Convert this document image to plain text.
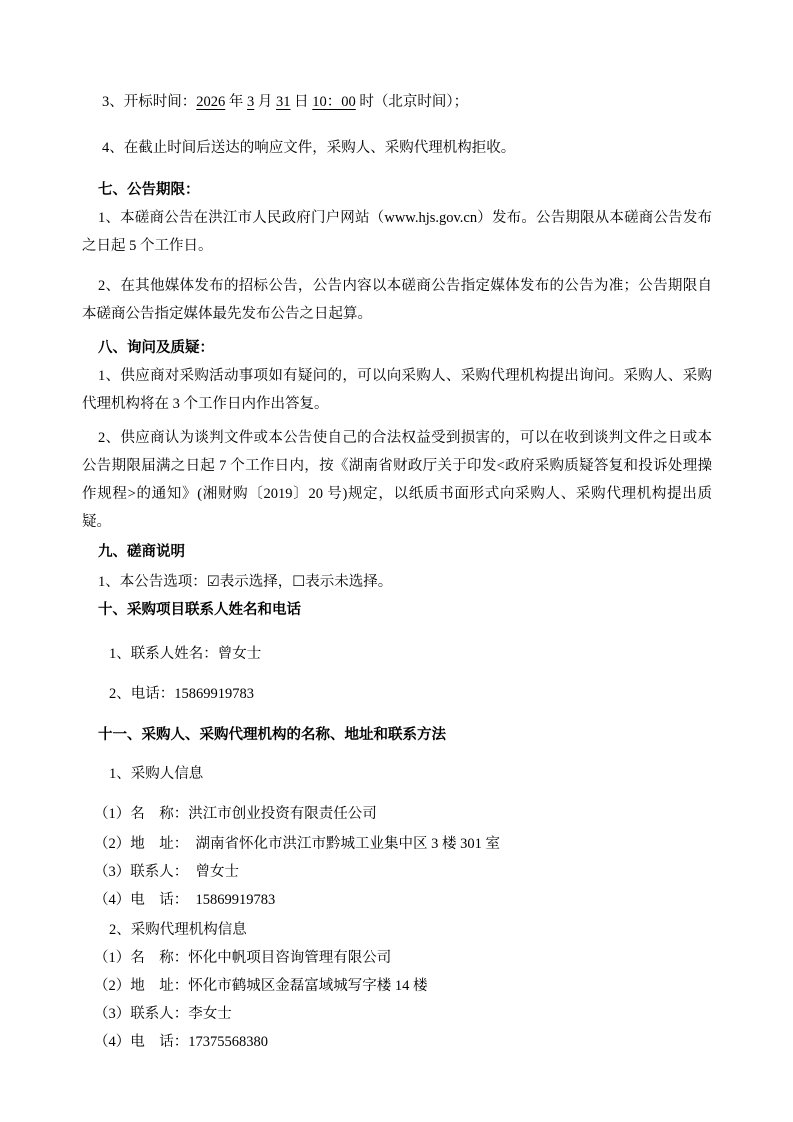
3、开标时间：2026 年 3 月 31 日 10：00 时（北京时间）；

4、在截止时间后送达的响应文件，采购人、采购代理机构拒收。

七、公告期限：

1、本磋商公告在洪江市人民政府门户网站（www.hjs.gov.cn）发布。公告期限从本磋商公告发布之日起 5 个工作日。

2、在其他媒体发布的招标公告，公告内容以本磋商公告指定媒体发布的公告为准；公告期限自本磋商公告指定媒体最先发布公告之日起算。

八、询问及质疑：

1、供应商对采购活动事项如有疑问的，可以向采购人、采购代理机构提出询问。采购人、采购代理机构将在 3 个工作日内作出答复。

2、供应商认为谈判文件或本公告使自己的合法权益受到损害的，可以在收到谈判文件之日或本公告期限届满之日起 7 个工作日内，按《湖南省财政厅关于印发<政府采购质疑答复和投诉处理操作规程>的通知》(湘财购〔2019〕20 号)规定，以纸质书面形式向采购人、采购代理机构提出质疑。

九、磋商说明

1、本公告选项：☑表示选择，☐表示未选择。

十、采购项目联系人姓名和电话

1、联系人姓名：曾女士

2、电话：15869919783

十一、采购人、采购代理机构的名称、地址和联系方法

1、采购人信息

（1）名　称：洪江市创业投资有限责任公司

（2）地　址：　湖南省怀化市洪江市黔城工业集中区 3 楼 301 室

（3）联系人：　曾女士

（4）电　话：　15869919783

2、采购代理机构信息

（1）名　称：怀化中帆项目咨询管理有限公司

（2）地　址：怀化市鹤城区金磊富域城写字楼 14 楼

（3）联系人：李女士

（4）电　话：17375568380
